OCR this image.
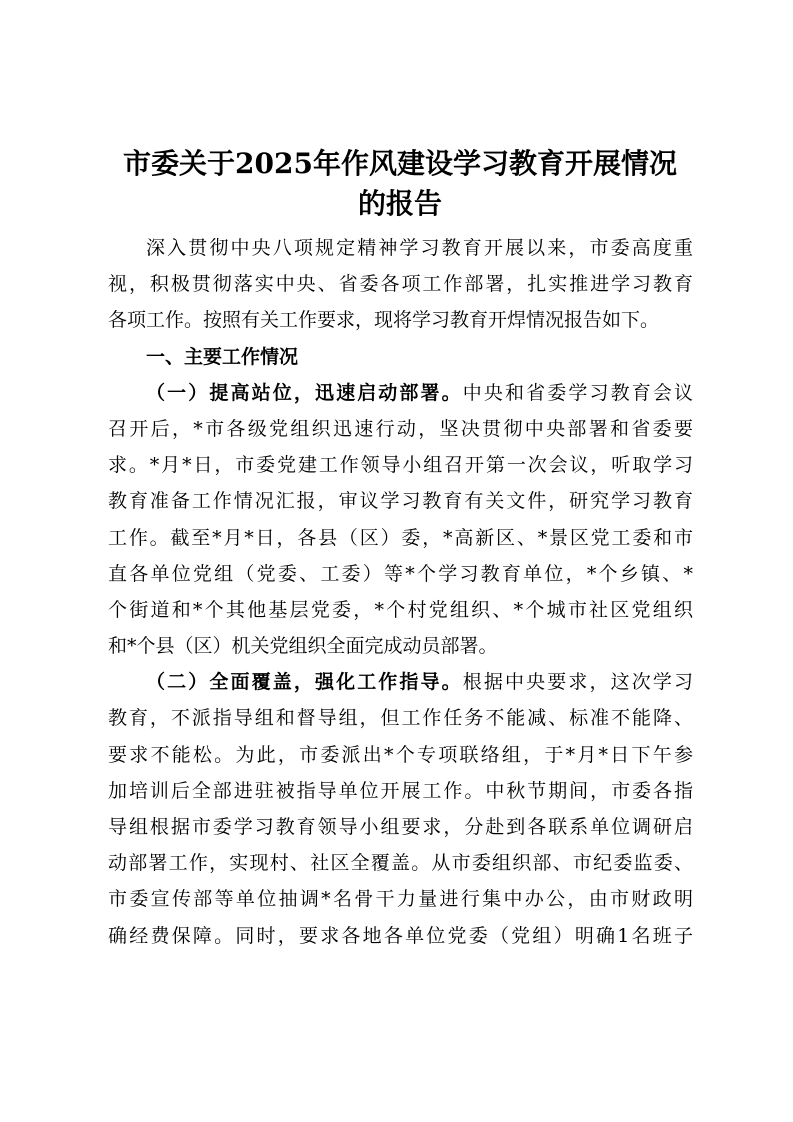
市委关于2025年作风建设学习教育开展情况
的报告
深入贯彻中央八项规定精神学习教育开展以来，市委高度重
视，积极贯彻落实中央、省委各项工作部署，扎实推进学习教育
各项工作。按照有关工作要求，现将学习教育开焊情况报告如下。
一、主要工作情况
（一）提高站位，迅速启动部署。中央和省委学习教育会议
召开后，*市各级党组织迅速行动，坚决贯彻中央部署和省委要
求。*月*日，市委党建工作领导小组召开第一次会议，听取学习
教育准备工作情况汇报，审议学习教育有关文件，研究学习教育
工作。截至*月*日，各县（区）委，*高新区、*景区党工委和市
直各单位党组（党委、工委）等*个学习教育单位，*个乡镇、*
个街道和*个其他基层党委，*个村党组织、*个城市社区党组织
和*个县（区）机关党组织全面完成动员部署。
（二）全面覆盖，强化工作指导。根据中央要求，这次学习
教育，不派指导组和督导组，但工作任务不能减、标准不能降、
要求不能松。为此，市委派出*个专项联络组，于*月*日下午参
加培训后全部进驻被指导单位开展工作。中秋节期间，市委各指
导组根据市委学习教育领导小组要求，分赴到各联系单位调研启
动部署工作，实现村、社区全覆盖。从市委组织部、市纪委监委、
市委宣传部等单位抽调*名骨干力量进行集中办公，由市财政明
确经费保障。同时，要求各地各单位党委（党组）明确1名班子
